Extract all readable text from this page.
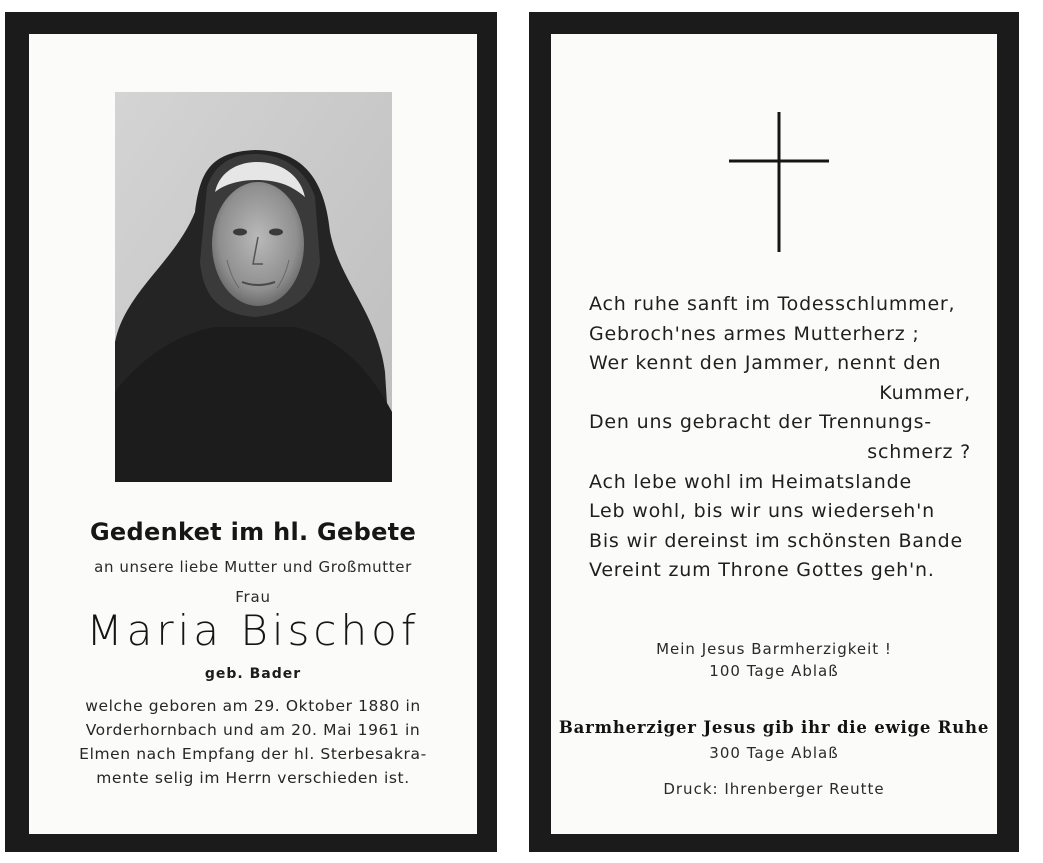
Gedenket im hl. Gebete
an unsere liebe Mutter und Großmutter
Frau
Maria Bischof
geb. Bader
welche geboren am 29. Oktober 1880 in
Vorderhornbach und am 20. Mai 1961 in
Elmen nach Empfang der hl. Sterbesakra-
mente selig im Herrn verschieden ist.
Ach ruhe sanft im Todesschlummer,
Gebroch'nes armes Mutterherz ;
Wer kennt den Jammer, nennt den
Kummer,
Den uns gebracht der Trennungs-
schmerz ?
Ach lebe wohl im Heimatslande
Leb wohl, bis wir uns wiederseh'n
Bis wir dereinst im schönsten Bande
Vereint zum Throne Gottes geh'n.
Mein Jesus Barmherzigkeit !
100 Tage Ablaß
Barmherziger Jesus gib ihr die ewige Ruhe
300 Tage Ablaß
Druck: Ihrenberger Reutte
